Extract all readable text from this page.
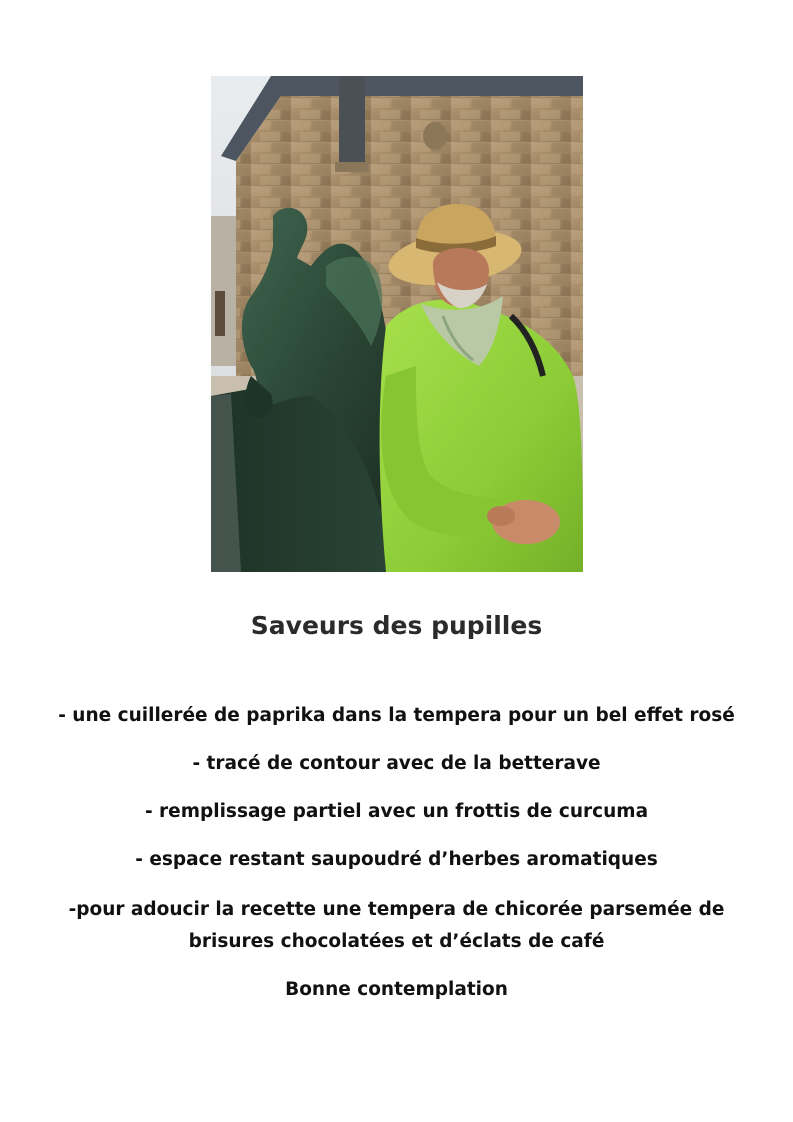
Saveurs des pupilles

- une cuillerée de paprika dans la tempera pour un bel effet rosé

- tracé de contour avec de la betterave

- remplissage partiel avec un frottis de curcuma

- espace restant saupoudré d’herbes aromatiques

-pour adoucir la recette une tempera de chicorée parsemée de

brisures chocolatées et d’éclats de café

Bonne contemplation
